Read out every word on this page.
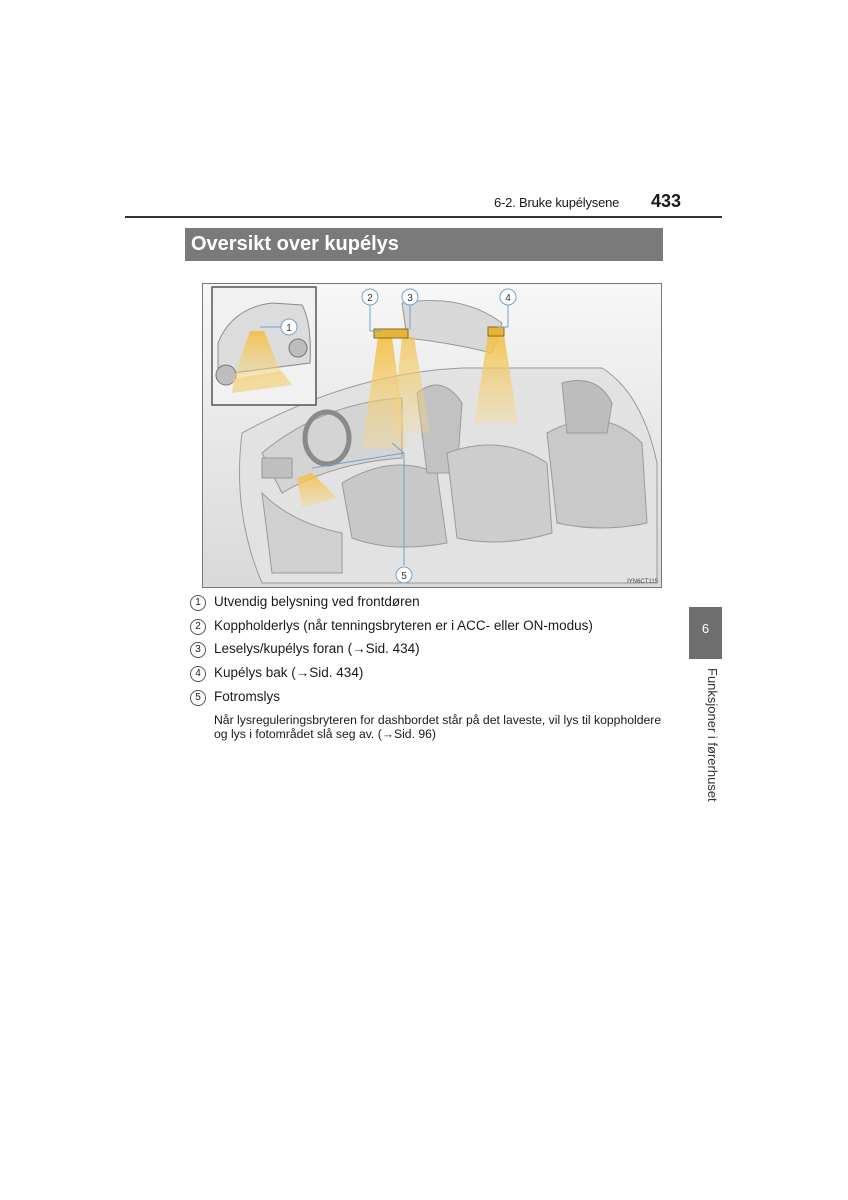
6-2. Bruke kupélysene 433
Oversikt over kupélys
1
2	3	4
5	IYN6CT115
1 Utvendig belysning ved frontdøren
2 Koppholderlys (når tenningsbryteren er i ACC- eller ON-modus)
3 Leselys/kupélys foran (→Sid. 434)
4 Kupélys bak (→Sid. 434)
5 Fotromslys
Når lysreguleringsbryteren for dashbordet står på det laveste, vil lys til koppholdere og lys i fotområdet slå seg av. (→Sid. 96)
6
Funksjoner i førerhuset
